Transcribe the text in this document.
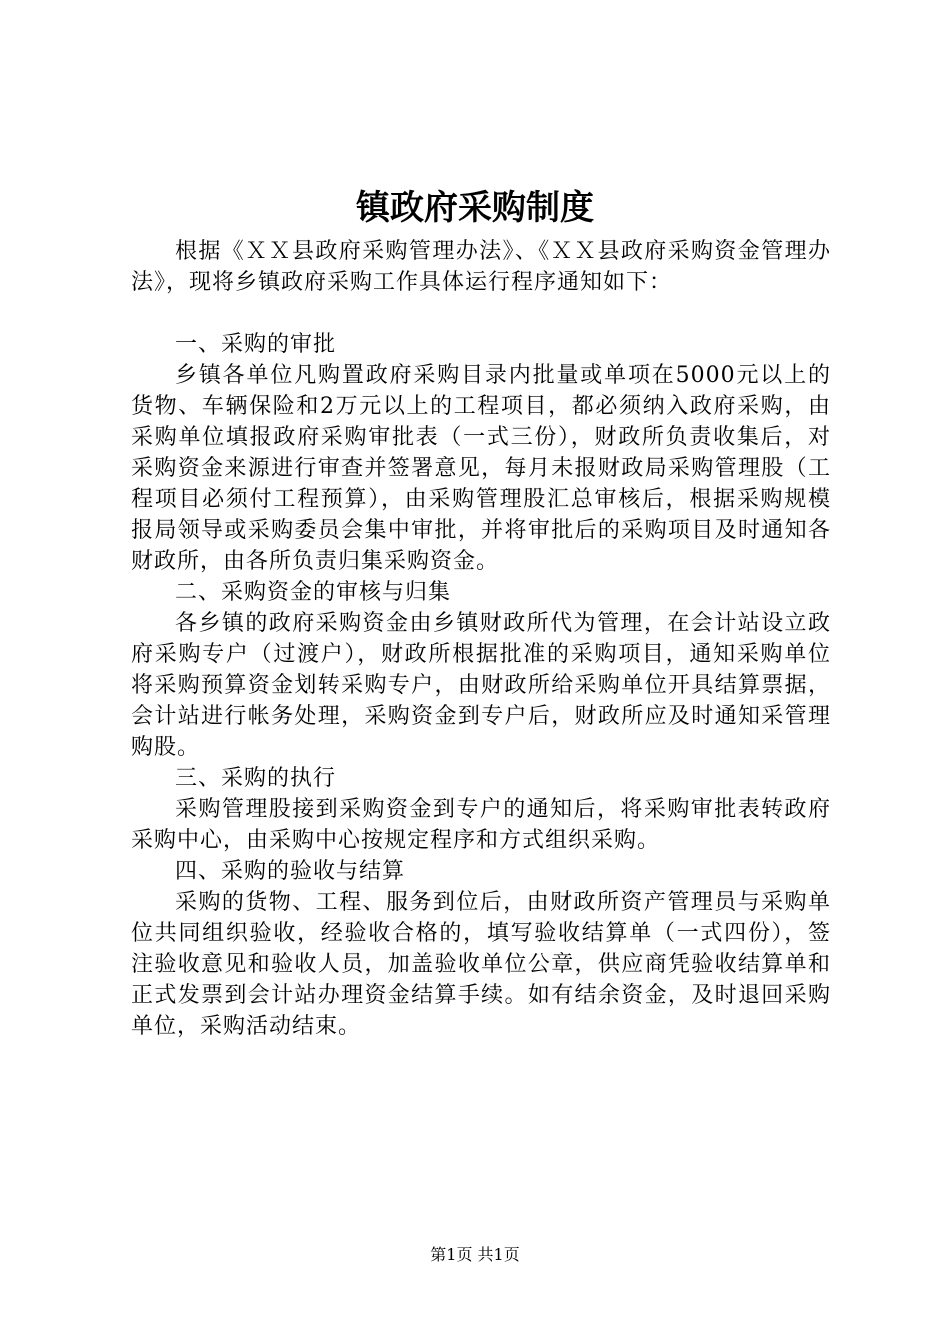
镇政府采购制度

根据《ＸＸ县政府采购管理办法》、《ＸＸ县政府采购资金管理办法》，现将乡镇政府采购工作具体运行程序通知如下：

一、采购的审批

乡镇各单位凡购置政府采购目录内批量或单项在5000元以上的货物、车辆保险和2万元以上的工程项目，都必须纳入政府采购，由采购单位填报政府采购审批表（一式三份），财政所负责收集后，对采购资金来源进行审查并签署意见，每月未报财政局采购管理股（工程项目必须付工程预算），由采购管理股汇总审核后，根据采购规模报局领导或采购委员会集中审批，并将审批后的采购项目及时通知各财政所，由各所负责归集采购资金。

二、采购资金的审核与归集

各乡镇的政府采购资金由乡镇财政所代为管理，在会计站设立政府采购专户（过渡户），财政所根据批准的采购项目，通知采购单位将采购预算资金划转采购专户，由财政所给采购单位开具结算票据，会计站进行帐务处理，采购资金到专户后，财政所应及时通知采管理购股。

三、采购的执行

采购管理股接到采购资金到专户的通知后，将采购审批表转政府采购中心，由采购中心按规定程序和方式组织采购。

四、采购的验收与结算

采购的货物、工程、服务到位后，由财政所资产管理员与采购单位共同组织验收，经验收合格的，填写验收结算单（一式四份），签注验收意见和验收人员，加盖验收单位公章，供应商凭验收结算单和正式发票到会计站办理资金结算手续。如有结余资金，及时退回采购单位，采购活动结束。

第1页 共1页
